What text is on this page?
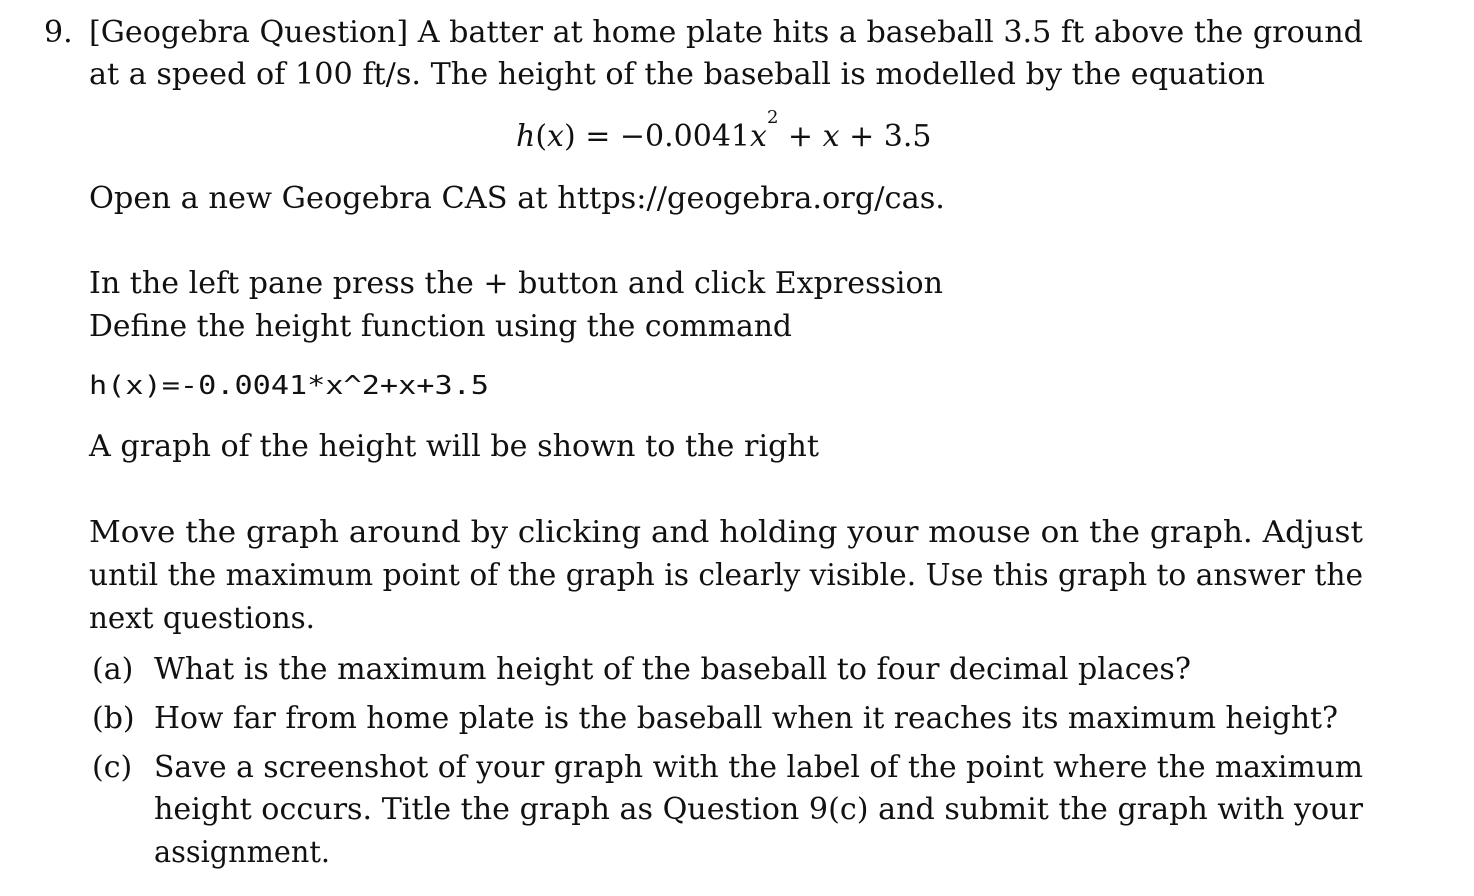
9. [Geogebra Question] A batter at home plate hits a baseball 3.5 ft above the ground
at a speed of 100 ft/s. The height of the baseball is modelled by the equation
$h(x) = -0.0041x^2 + x + 3.5$
Open a new Geogebra CAS at https://geogebra.org/cas.
In the left pane press the + button and click Expression
Define the height function using the command
h(x)=-0.0041*x^2+x+3.5
A graph of the height will be shown to the right
Move the graph around by clicking and holding your mouse on the graph. Adjust
until the maximum point of the graph is clearly visible. Use this graph to answer the
next questions.
(a) What is the maximum height of the baseball to four decimal places?
(b) How far from home plate is the baseball when it reaches its maximum height?
(c) Save a screenshot of your graph with the label of the point where the maximum
height occurs. Title the graph as Question 9(c) and submit the graph with your
assignment.
